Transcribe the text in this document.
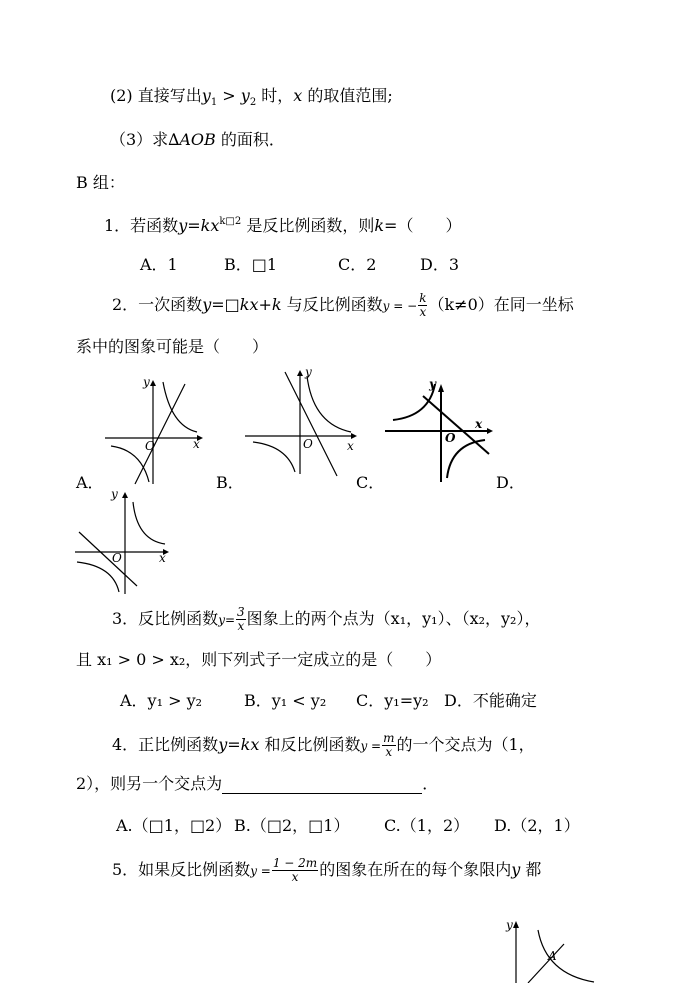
(2) 直接写出$y_1 > y_2$ 时，x 的取值范围;
（3）求∆AOB 的面积．
B 组：
1．若函数$y=kx^{k□2}$ 是反比例函数，则k=（　　）
A．1	B．□1	C．2	D．3
2．一次函数y=□kx+k 与反比例函数y = − $\frac{k}{x} (k\ne 0)$在同一坐标
系中的图象可能是（　　）
y
x
O
A．
y
x
O
B．
y
x
O
C．	D．
y
x
O
3．反比例函数$y= \frac{3}{x}$ 图象上的两个点为（x₁，y₁）、（x₂，y₂），
且 x₁ > 0 > x₂，则下列式子一定成立的是（　　）
A．y₁ > y₂	B．y₁ < y₂ C．y₁=y₂ D．不能确定
4．正比例函数y=kx 和反比例函数$y = \frac{m}{x}$ 的一个交点为（1，
2），则另一个交点为	．
A.（□1，□2） B.（□2，□1） C.（1，2） D.（2，1）
5．如果反比例函数$y = \frac{1 - 2m}{x}$ 的图象在所在的每个象限内y 都
y
A
